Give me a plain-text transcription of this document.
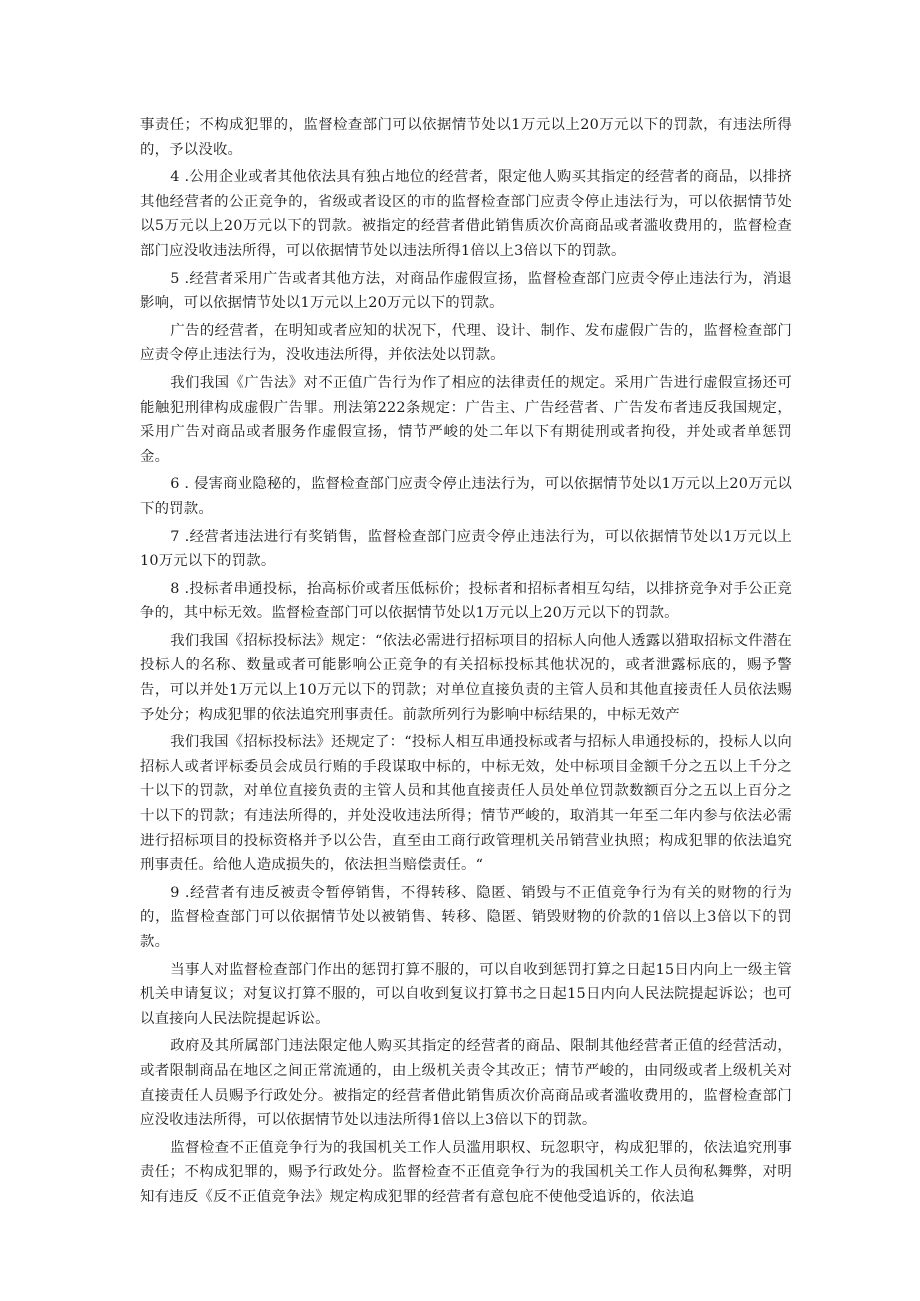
事责任；不构成犯罪的，监督检查部门可以依据情节处以1万元以上20万元以下的罚款，有违法所得的，予以没收。

4 .公用企业或者其他依法具有独占地位的经营者，限定他人购买其指定的经营者的商品，以排挤其他经营者的公正竞争的，省级或者设区的市的监督检查部门应责令停止违法行为，可以依据情节处以5万元以上20万元以下的罚款。被指定的经营者借此销售质次价高商品或者滥收费用的，监督检查部门应没收违法所得，可以依据情节处以违法所得1倍以上3倍以下的罚款。

5 .经营者采用广告或者其他方法，对商品作虚假宣扬，监督检查部门应责令停止违法行为，消退影响，可以依据情节处以1万元以上20万元以下的罚款。

广告的经营者，在明知或者应知的状况下，代理、设计、制作、发布虚假广告的，监督检查部门应责令停止违法行为，没收违法所得，并依法处以罚款。

我们我国《广告法》对不正值广告行为作了相应的法律责任的规定。采用广告进行虚假宣扬还可能触犯刑律构成虚假广告罪。刑法第222条规定：广告主、广告经营者、广告发布者违反我国规定，采用广告对商品或者服务作虚假宣扬，情节严峻的处二年以下有期徒刑或者拘役，并处或者单惩罚金。

6 . 侵害商业隐秘的，监督检查部门应责令停止违法行为，可以依据情节处以1万元以上20万元以下的罚款。

7 .经营者违法进行有奖销售，监督检查部门应责令停止违法行为，可以依据情节处以1万元以上10万元以下的罚款。

8 .投标者串通投标，抬高标价或者压低标价；投标者和招标者相互勾结，以排挤竞争对手公正竞争的，其中标无效。监督检查部门可以依据情节处以1万元以上20万元以下的罚款。

我们我国《招标投标法》规定：“依法必需进行招标项目的招标人向他人透露以猎取招标文件潜在投标人的名称、数量或者可能影响公正竞争的有关招标投标其他状况的，或者泄露标底的，赐予警告，可以并处1万元以上10万元以下的罚款；对单位直接负责的主管人员和其他直接责任人员依法赐予处分；构成犯罪的依法追究刑事责任。前款所列行为影响中标结果的，中标无效产

我们我国《招标投标法》还规定了：“投标人相互串通投标或者与招标人串通投标的，投标人以向招标人或者评标委员会成员行贿的手段谋取中标的，中标无效，处中标项目金额千分之五以上千分之十以下的罚款，对单位直接负责的主管人员和其他直接责任人员处单位罚款数额百分之五以上百分之十以下的罚款；有违法所得的，并处没收违法所得；情节严峻的，取消其一年至二年内参与依法必需进行招标项目的投标资格并予以公告，直至由工商行政管理机关吊销营业执照；构成犯罪的依法追究刑事责任。给他人造成损失的，依法担当赔偿责任。“

9 .经营者有违反被责令暂停销售，不得转移、隐匿、销毁与不正值竞争行为有关的财物的行为的，监督检查部门可以依据情节处以被销售、转移、隐匿、销毁财物的价款的1倍以上3倍以下的罚款。

当事人对监督检查部门作出的惩罚打算不服的，可以自收到惩罚打算之日起15日内向上一级主管机关申请复议；对复议打算不服的，可以自收到复议打算书之日起15日内向人民法院提起诉讼；也可以直接向人民法院提起诉讼。

政府及其所属部门违法限定他人购买其指定的经营者的商品、限制其他经营者正值的经营活动，或者限制商品在地区之间正常流通的，由上级机关责令其改正；情节严峻的，由同级或者上级机关对直接责任人员赐予行政处分。被指定的经营者借此销售质次价高商品或者滥收费用的，监督检查部门应没收违法所得，可以依据情节处以违法所得1倍以上3倍以下的罚款。

监督检查不正值竞争行为的我国机关工作人员滥用职权、玩忽职守，构成犯罪的，依法追究刑事责任；不构成犯罪的，赐予行政处分。监督检查不正值竞争行为的我国机关工作人员徇私舞弊，对明知有违反《反不正值竞争法》规定构成犯罪的经营者有意包庇不使他受追诉的，依法追
